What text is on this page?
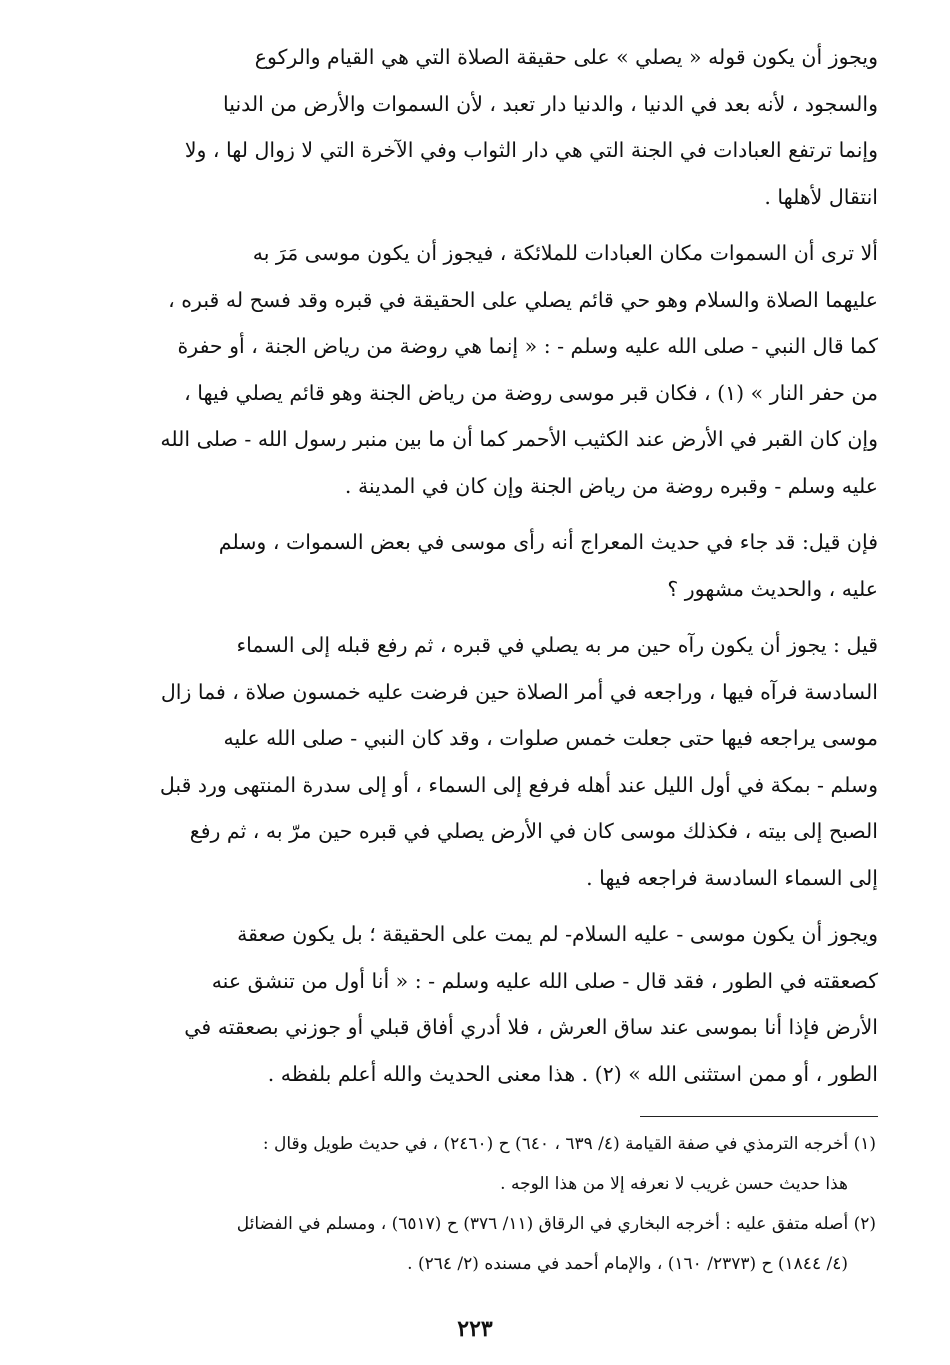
ويجوز أن يكون قوله « يصلي » على حقيقة الصلاة التي هي القيام والركوع
والسجود ، لأنه بعد في الدنيا ، والدنيا دار تعبد ، لأن السموات والأرض من الدنيا
وإنما ترتفع العبادات في الجنة التي هي دار الثواب وفي الآخرة التي لا زوال لها ، ولا
انتقال لأهلها .

ألا ترى أن السموات مكان العبادات للملائكة ، فيجوز أن يكون موسى مَرَ به
عليهما الصلاة والسلام وهو حي قائم يصلي على الحقيقة في قبره وقد فسح له قبره ،
كما قال النبي - صلى الله عليه وسلم - : « إنما هي روضة من رياض الجنة ، أو حفرة
من حفر النار » (١) ، فكان قبر موسى روضة من رياض الجنة وهو قائم يصلي فيها ،
وإن كان القبر في الأرض عند الكثيب الأحمر كما أن ما بين منبر رسول الله - صلى الله
عليه وسلم - وقبره روضة من رياض الجنة وإن كان في المدينة .

فإن قيل: قد جاء في حديث المعراج أنه رأى موسى في بعض السموات ، وسلم
عليه ، والحديث مشهور ؟

قيل : يجوز أن يكون رآه حين مر به يصلي في قبره ، ثم رفع قبله إلى السماء
السادسة فرآه فيها ، وراجعه في أمر الصلاة حين فرضت عليه خمسون صلاة ، فما زال
موسى يراجعه فيها حتى جعلت خمس صلوات ، وقد كان النبي - صلى الله عليه
وسلم - بمكة في أول الليل عند أهله فرفع إلى السماء ، أو إلى سدرة المنتهى ورد قبل
الصبح إلى بيته ، فكذلك موسى كان في الأرض يصلي في قبره حين مرّ به ، ثم رفع
إلى السماء السادسة فراجعه فيها .

ويجوز أن يكون موسى - عليه السلام- لم يمت على الحقيقة ؛ بل يكون صعقة
كصعقته في الطور ، فقد قال - صلى الله عليه وسلم - : « أنا أول من تنشق عنه
الأرض فإذا أنا بموسى عند ساق العرش ، فلا أدري أفاق قبلي أو جوزني بصعقته في
الطور ، أو ممن استثنى الله » (٢) . هذا معنى الحديث والله أعلم بلفظه .

(١) أخرجه الترمذي في صفة القيامة (٤/ ٦٣٩ ، ٦٤٠) ح (٢٤٦٠) ، في حديث طويل وقال :
هذا حديث حسن غريب لا نعرفه إلا من هذا الوجه .
(٢) أصله متفق عليه : أخرجه البخاري في الرقاق (١١/ ٣٧٦) ح (٦٥١٧) ، ومسلم في الفضائل
(٤/ ١٨٤٤) ح (٢٣٧٣/ ١٦٠) ، والإمام أحمد في مسنده (٢/ ٢٦٤) .
٢٢٣
